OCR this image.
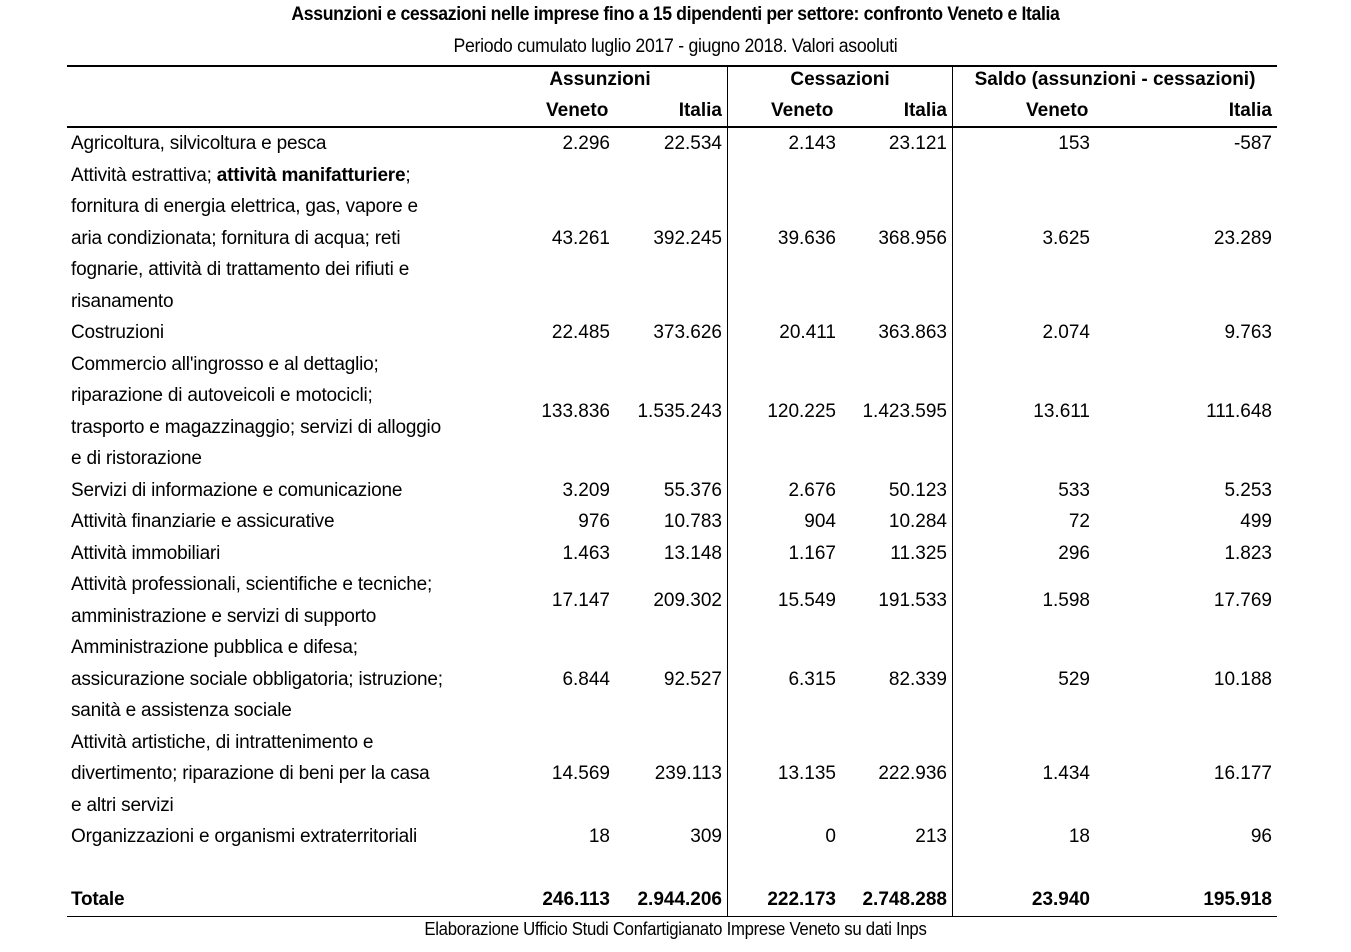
Assunzioni e cessazioni nelle imprese fino a 15 dipendenti per settore: confronto Veneto e Italia
Periodo cumulato luglio 2017 - giugno 2018. Valori asooluti
Assunzioni	Cessazioni	Saldo (assunzioni - cessazioni)
Veneto	Italia	Veneto	Italia	Veneto	Italia
Agricoltura, silvicoltura e pesca	2.296	22.534	2.143	23.121	153	-587
Attività estrattiva; attività manifatturiere;
fornitura di energia elettrica, gas, vapore e
aria condizionata; fornitura di acqua; reti
fognarie, attività di trattamento dei rifiuti e
risanamento
43.261	392.245	39.636	368.956	3.625	23.289
Costruzioni	22.485	373.626	20.411	363.863	2.074	9.763
Commercio all'ingrosso e al dettaglio;
riparazione di autoveicoli e motocicli;
trasporto e magazzinaggio; servizi di alloggio
e di ristorazione
133.836	1.535.243	120.225	1.423.595	13.611	111.648
Servizi di informazione e comunicazione	3.209	55.376	2.676	50.123	533	5.253
Attività finanziarie e assicurative	976	10.783	904	10.284	72	499
Attività immobiliari	1.463	13.148	1.167	11.325	296	1.823
Attività professionali, scientifiche e tecniche;
amministrazione e servizi di supporto
17.147	209.302	15.549	191.533	1.598	17.769
Amministrazione pubblica e difesa;
assicurazione sociale obbligatoria; istruzione;
sanità e assistenza sociale
6.844	92.527	6.315	82.339	529	10.188
Attività artistiche, di intrattenimento e
divertimento; riparazione di beni per la casa
e altri servizi
14.569	239.113	13.135	222.936	1.434	16.177
Organizzazioni e organismi extraterritoriali	18	309	0	213	18	96
Totale	246.113	2.944.206	222.173	2.748.288	23.940	195.918
Elaborazione Ufficio Studi Confartigianato Imprese Veneto su dati Inps
